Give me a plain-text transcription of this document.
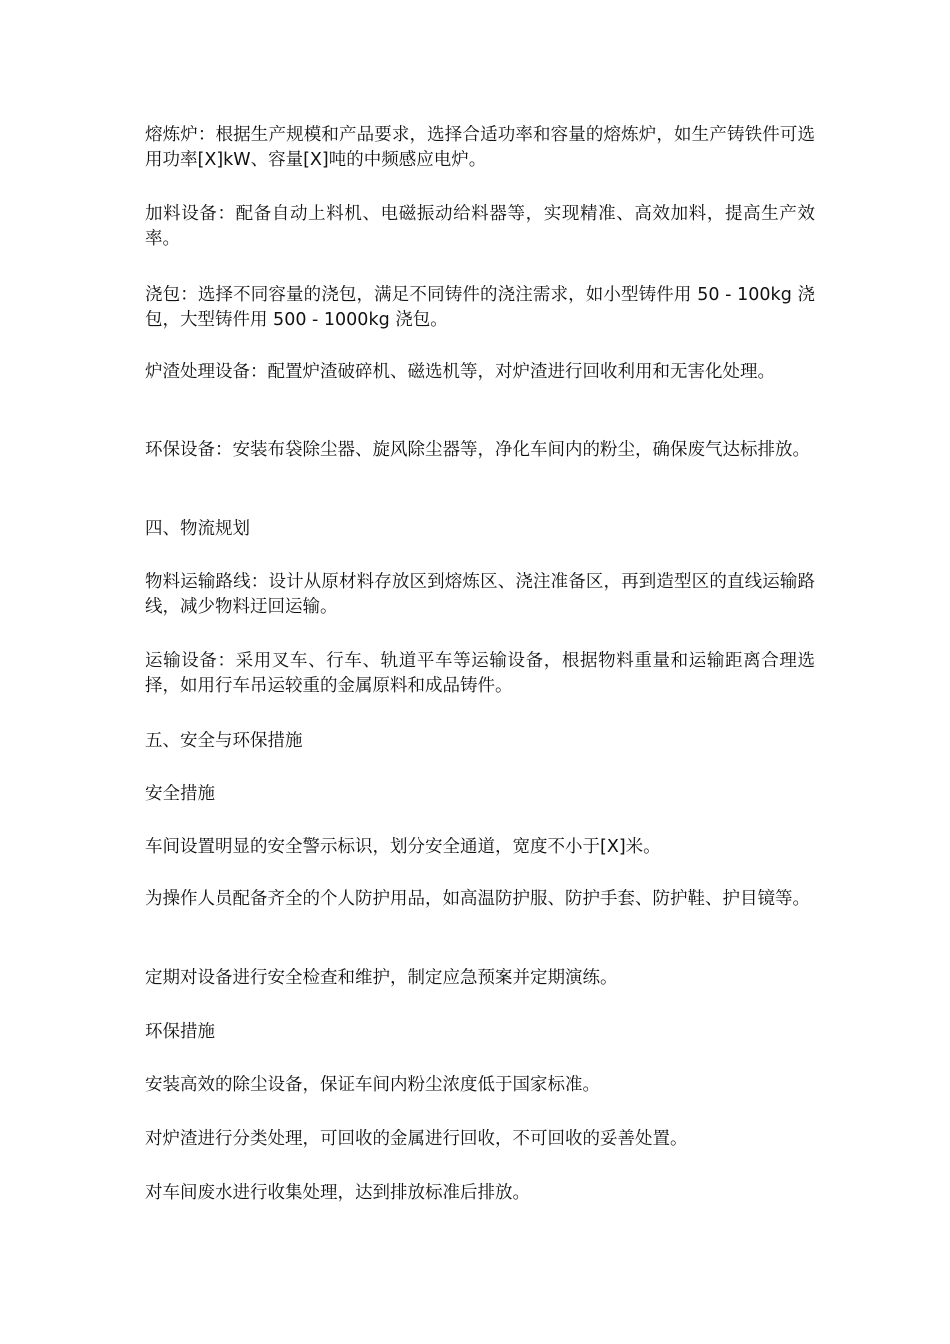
熔炼炉：根据生产规模和产品要求，选择合适功率和容量的熔炼炉，如生产铸铁件可选用功率[X]kW、容量[X]吨的中频感应电炉。

加料设备：配备自动上料机、电磁振动给料器等，实现精准、高效加料，提高生产效率。

浇包：选择不同容量的浇包，满足不同铸件的浇注需求，如小型铸件用 50 - 100kg 浇包，大型铸件用 500 - 1000kg 浇包。

炉渣处理设备：配置炉渣破碎机、磁选机等，对炉渣进行回收利用和无害化处理。

环保设备：安装布袋除尘器、旋风除尘器等，净化车间内的粉尘，确保废气达标排放。

四、物流规划

物料运输路线：设计从原材料存放区到熔炼区、浇注准备区，再到造型区的直线运输路线，减少物料迂回运输。

运输设备：采用叉车、行车、轨道平车等运输设备，根据物料重量和运输距离合理选择，如用行车吊运较重的金属原料和成品铸件。

五、安全与环保措施

安全措施

车间设置明显的安全警示标识，划分安全通道，宽度不小于[X]米。

为操作人员配备齐全的个人防护用品，如高温防护服、防护手套、防护鞋、护目镜等。

定期对设备进行安全检查和维护，制定应急预案并定期演练。

环保措施

安装高效的除尘设备，保证车间内粉尘浓度低于国家标准。

对炉渣进行分类处理，可回收的金属进行回收，不可回收的妥善处置。

对车间废水进行收集处理，达到排放标准后排放。
